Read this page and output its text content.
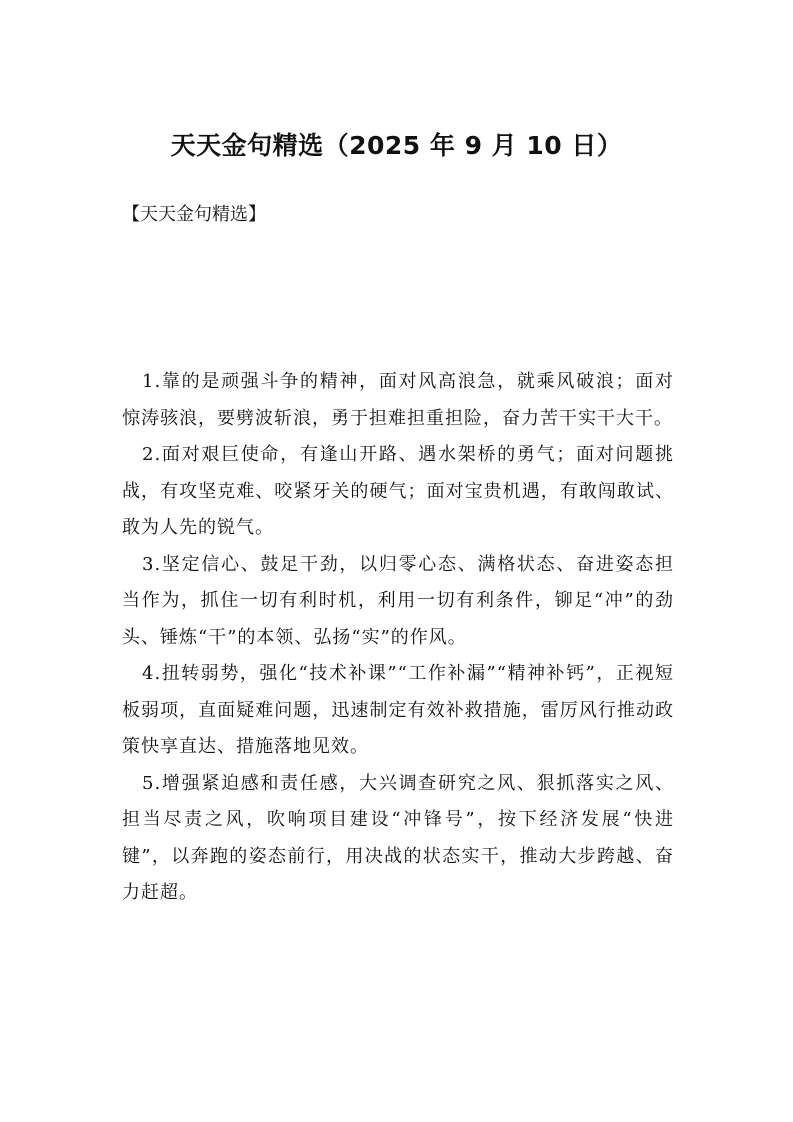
天天金句精选（2025 年 9 月 10 日）
【天天金句精选】

1.靠的是顽强斗争的精神，面对风高浪急，就乘风破浪；面对惊涛骇浪，要劈波斩浪，勇于担难担重担险，奋力苦干实干大干。

2.面对艰巨使命，有逢山开路、遇水架桥的勇气；面对问题挑战，有攻坚克难、咬紧牙关的硬气；面对宝贵机遇，有敢闯敢试、敢为人先的锐气。

3.坚定信心、鼓足干劲，以归零心态、满格状态、奋进姿态担当作为，抓住一切有利时机，利用一切有利条件，铆足“冲”的劲头、锤炼“干”的本领、弘扬“实”的作风。

4.扭转弱势，强化“技术补课”“工作补漏”“精神补钙”，正视短板弱项，直面疑难问题，迅速制定有效补救措施，雷厉风行推动政策快享直达、措施落地见效。

5.增强紧迫感和责任感，大兴调查研究之风、狠抓落实之风、担当尽责之风，吹响项目建设“冲锋号”，按下经济发展“快进键”，以奔跑的姿态前行，用决战的状态实干，推动大步跨越、奋力赶超。
